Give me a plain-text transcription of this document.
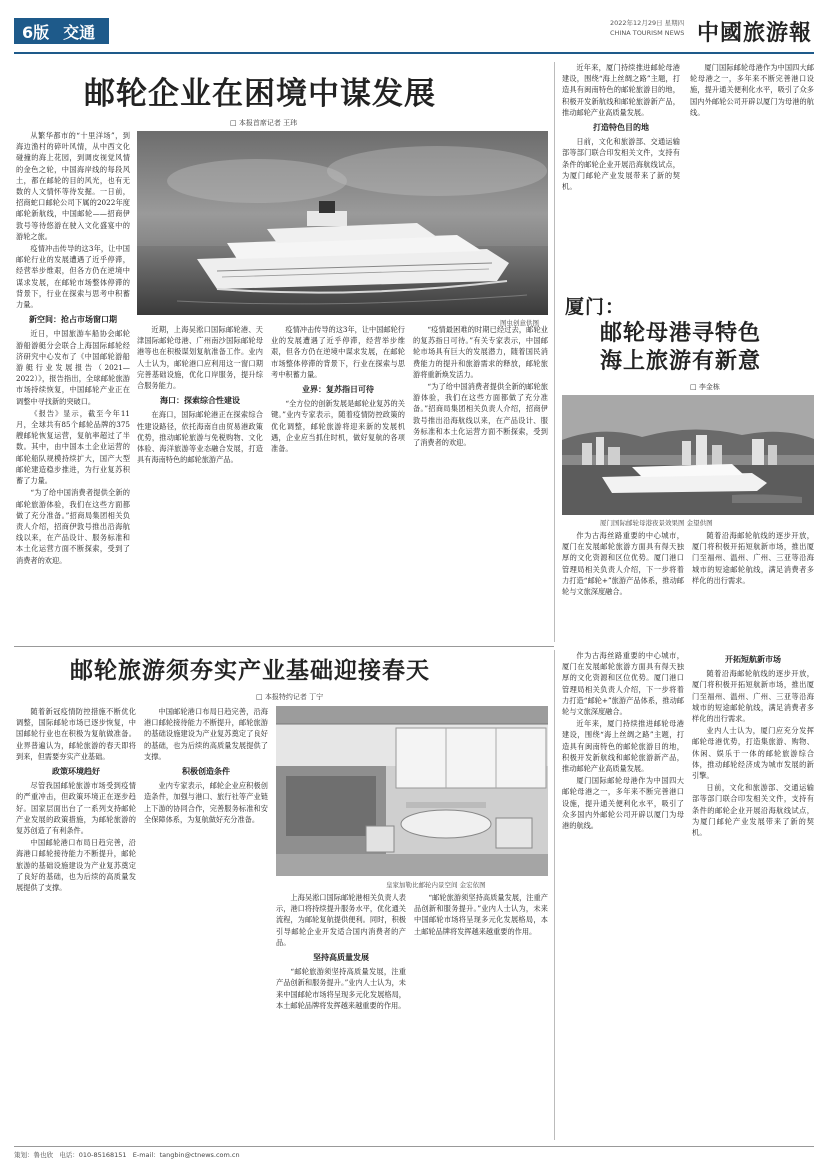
6版 交通	2022年12月29日 星期四
CHINA TOURISM NEWS 中國旅游報
邮轮企业在困境中谋发展
□ 本报首席记者 王玮
图虫创意供图

从繁华都市的“十里洋场”，到海边渔村的碎叶风情，从中西文化碰撞的海上花园，到调皮视觉风情的金色之轮，中国海岸线的每段风土，都在邮轮的目的风光，也有无数的人文情怀等待发掘。一日前，招商蛇口邮轮公司下属的2022年度邮轮新航线，中国邮轮——招商伊敦号等待悠游在驶入文化盛宴中的游轮之旅。

疫情冲击传导的这3年，让中国邮轮行业的发展遭遇了近乎停滞，经营举步维艰，但各方仍在逆境中谋求发展，在邮轮市场整体停滞的背景下，行业在探索与思考中积蓄力量。

新空间：抢占市场窗口期

近日，中国旅游车船协会邮轮游船游艇分会联合上海国际邮轮经济研究中心发布了《中国邮轮游船游艇行业发展报告（2021—2022）》，报告指出，全球邮轮旅游市场持续恢复，中国邮轮产业正在调整中寻找新的突破口。

《报告》显示，截至今年11月，全球共有85个邮轮品牌的375艘邮轮恢复运营，复航率超过了半数。其中，由中国本土企业运营的邮轮船队规模持续扩大，国产大型邮轮建造稳步推进，为行业复苏积蓄了力量。

“为了给中国消费者提供全新的邮轮旅游体验，我们在这些方面都做了充分准备。”招商局集团相关负责人介绍，招商伊敦号推出沿海航线以来，在产品设计、服务标准和本土化运营方面不断探索，受到了消费者的欢迎。

近期，上海吴淞口国际邮轮港、天津国际邮轮母港、广州南沙国际邮轮母港等也在积极谋划复航准备工作。业内人士认为，邮轮港口应利用这一窗口期完善基础设施，优化口岸服务，提升综合服务能力。

海口：探索综合性建设

在海口，国际邮轮港正在探索综合性建设路径，依托海南自由贸易港政策优势，推动邮轮旅游与免税购物、文化体验、海洋旅游等业态融合发展，打造具有海南特色的邮轮旅游产品。

疫情冲击传导的这3年，让中国邮轮行业的发展遭遇了近乎停滞，经营举步维艰，但各方仍在逆境中谋求发展，在邮轮市场整体停滞的背景下，行业在探索与思考中积蓄力量。

业界：复苏指日可待

“全方位的创新发展是邮轮业复苏的关键。”业内专家表示，随着疫情防控政策的优化调整，邮轮旅游将迎来新的发展机遇，企业应当抓住时机，做好复航的各项准备。

“疫情最困难的时期已经过去，邮轮业的复苏指日可待。”有关专家表示，中国邮轮市场具有巨大的发展潜力，随着国民消费能力的提升和旅游需求的释放，邮轮旅游将重新焕发活力。

“为了给中国消费者提供全新的邮轮旅游体验，我们在这些方面都做了充分准备。”招商局集团相关负责人介绍，招商伊敦号推出沿海航线以来，在产品设计、服务标准和本土化运营方面不断探索，受到了消费者的欢迎。

近年来，厦门持续推进邮轮母港建设，围绕“海上丝绸之路”主题，打造具有闽南特色的邮轮旅游目的地，积极开发新航线和邮轮旅游新产品，推动邮轮产业高质量发展。

打造特色目的地

日前，文化和旅游部、交通运输部等部门联合印发相关文件，支持有条件的邮轮企业开展沿海航线试点，为厦门邮轮产业发展带来了新的契机。

厦门国际邮轮母港作为中国四大邮轮母港之一，多年来不断完善港口设施，提升通关便利化水平，吸引了众多国内外邮轮公司开辟以厦门为母港的航线。

厦门：
邮轮母港寻特色
海上旅游有新意
□ 李金栋
厦门国际邮轮母港夜景效果图 金望供图

作为古海丝路重要的中心城市，厦门在发展邮轮旅游方面具有得天独厚的文化资源和区位优势。厦门港口管理局相关负责人介绍，下一步将着力打造“邮轮+”旅游产品体系，推动邮轮与文旅深度融合。

随着沿海邮轮航线的逐步开放，厦门将积极开拓短航新市场，推出厦门至福州、温州、广州、三亚等沿海城市的短途邮轮航线，满足消费者多样化的出行需求。

邮轮旅游须夯实产业基础迎接春天
□ 本报特约记者 丁宁
皇家加勒比邮轮内景空间 金宏依图

随着新冠疫情防控措施不断优化调整，国际邮轮市场已逐步恢复，中国邮轮行业也在积极为复航做准备。业界普遍认为，邮轮旅游的春天即将到来，但需要夯实产业基础。

政策环境趋好

尽管我国邮轮旅游市场受到疫情的严重冲击，但政策环境正在逐步趋好。国家层面出台了一系列支持邮轮产业发展的政策措施，为邮轮旅游的复苏创造了有利条件。

中国邮轮港口布局日趋完善，沿海港口邮轮接待能力不断提升，邮轮旅游的基础设施建设为产业复苏奠定了良好的基础，也为后续的高质量发展提供了支撑。

中国邮轮港口布局日趋完善，沿海港口邮轮接待能力不断提升，邮轮旅游的基础设施建设为产业复苏奠定了良好的基础，也为后续的高质量发展提供了支撑。

积极创造条件

业内专家表示，邮轮企业应积极创造条件，加强与港口、旅行社等产业链上下游的协同合作，完善服务标准和安全保障体系，为复航做好充分准备。

上海吴淞口国际邮轮港相关负责人表示，港口将持续提升服务水平，优化通关流程，为邮轮复航提供便利。同时，积极引导邮轮企业开发适合国内消费者的产品。

坚持高质量发展

“邮轮旅游须坚持高质量发展，注重产品创新和服务提升。”业内人士认为，未来中国邮轮市场将呈现多元化发展格局，本土邮轮品牌将发挥越来越重要的作用。

“邮轮旅游须坚持高质量发展，注重产品创新和服务提升。”业内人士认为，未来中国邮轮市场将呈现多元化发展格局，本土邮轮品牌将发挥越来越重要的作用。

作为古海丝路重要的中心城市，厦门在发展邮轮旅游方面具有得天独厚的文化资源和区位优势。厦门港口管理局相关负责人介绍，下一步将着力打造“邮轮+”旅游产品体系，推动邮轮与文旅深度融合。

近年来，厦门持续推进邮轮母港建设，围绕“海上丝绸之路”主题，打造具有闽南特色的邮轮旅游目的地，积极开发新航线和邮轮旅游新产品，推动邮轮产业高质量发展。

厦门国际邮轮母港作为中国四大邮轮母港之一，多年来不断完善港口设施，提升通关便利化水平，吸引了众多国内外邮轮公司开辟以厦门为母港的航线。

开拓短航新市场

随着沿海邮轮航线的逐步开放，厦门将积极开拓短航新市场，推出厦门至福州、温州、广州、三亚等沿海城市的短途邮轮航线，满足消费者多样化的出行需求。

业内人士认为，厦门应充分发挥邮轮母港优势，打造集旅游、购物、休闲、娱乐于一体的邮轮旅游综合体，推动邮轮经济成为城市发展的新引擎。

日前，文化和旅游部、交通运输部等部门联合印发相关文件，支持有条件的邮轮企业开展沿海航线试点，为厦门邮轮产业发展带来了新的契机。

策划：鲁也欣 电话：010-85168151 E-mail：tangbin@ctnews.com.cn
